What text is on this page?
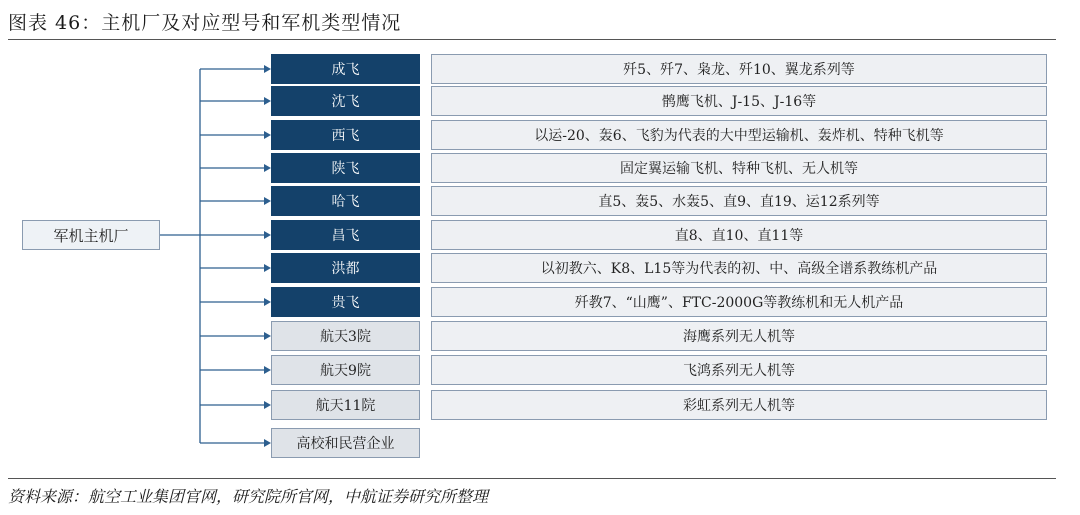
图表 46：主机厂及对应型号和军机类型情况
军机主机厂
成飞	歼5、歼7、枭龙、歼10、翼龙系列等
沈飞	鹘鹰飞机、J-15、J-16等
西飞	以运-20、轰6、飞豹为代表的大中型运输机、轰炸机、特种飞机等
陕飞	固定翼运输飞机、特种飞机、无人机等
哈飞	直5、轰5、水轰5、直9、直19、运12系列等
昌飞	直8、直10、直11等
洪都	以初教六、K8、L15等为代表的初、中、高级全谱系教练机产品
贵飞	歼教7、“山鹰”、FTC-2000G等教练机和无人机产品
航天3院	海鹰系列无人机等
航天9院	飞鸿系列无人机等
航天11院	彩虹系列无人机等
高校和民营企业
资料来源：航空工业集团官网，研究院所官网，中航证券研究所整理
